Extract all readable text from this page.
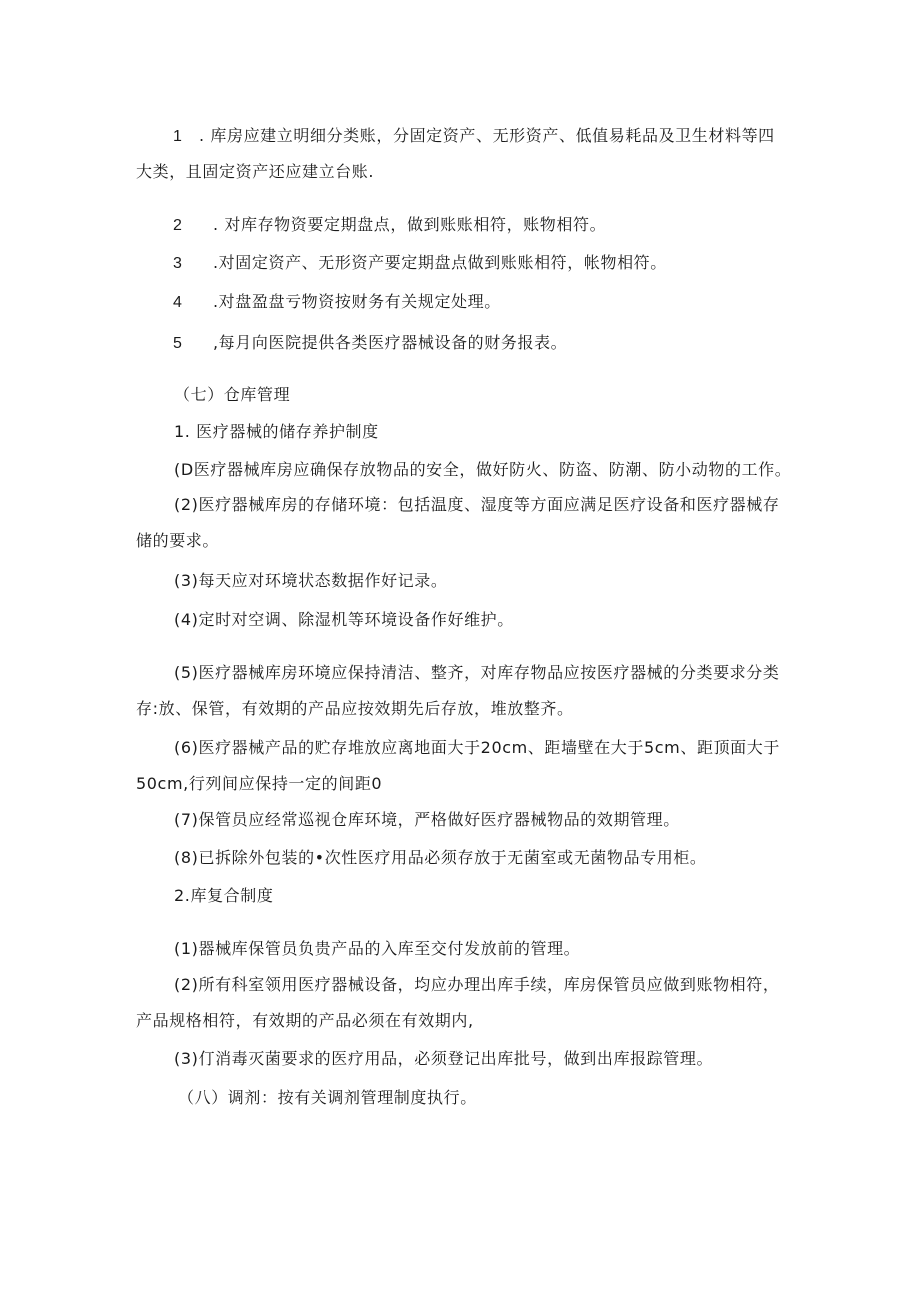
1 . 库房应建立明细分类账，分固定资产、无形资产、低值易耗品及卫生材料等四
大类，且固定资产还应建立台账.
2 . 对库存物资要定期盘点，做到账账相符，账物相符。
3 .对固定资产、无形资产要定期盘点做到账账相符，帐物相符。
4 .对盘盈盘亏物资按财务有关规定处理。
5 ,每月向医院提供各类医疗器械设备的财务报表。
（七）仓库管理
1. 医疗器械的储存养护制度
(D医疗器械库房应确保存放物品的安全，做好防火、防盗、防潮、防小动物的工作。
(2)医疗器械库房的存储环境：包括温度、湿度等方面应满足医疗设备和医疗器械存
储的要求。
(3)每天应对环境状态数据作好记录。
(4)定时对空调、除湿机等环境设备作好维护。
(5)医疗器械库房环境应保持清洁、整齐，对库存物品应按医疗器械的分类要求分类
存:放、保管，有效期的产品应按效期先后存放，堆放整齐。
(6)医疗器械产品的贮存堆放应离地面大于20cm、距墙壁在大于5cm、距顶面大于
50cm,行列间应保持一定的间距0
(7)保管员应经常巡视仓库环境，严格做好医疗器械物品的效期管理。
(8)已拆除外包装的•次性医疗用品必须存放于无菌室或无菌物品专用柜。
2.库复合制度
(1)器械库保管员负贵产品的入库至交付发放前的管理。
(2)所有科室领用医疗器械设备，均应办理出库手续，库房保管员应做到账物相符，
产品规格相符，有效期的产品必须在有效期内,
(3)仃消毒灭菌要求的医疗用品，必须登记出库批号，做到出库报踪管理。
（八）调剂：按有关调剂管理制度执行。
